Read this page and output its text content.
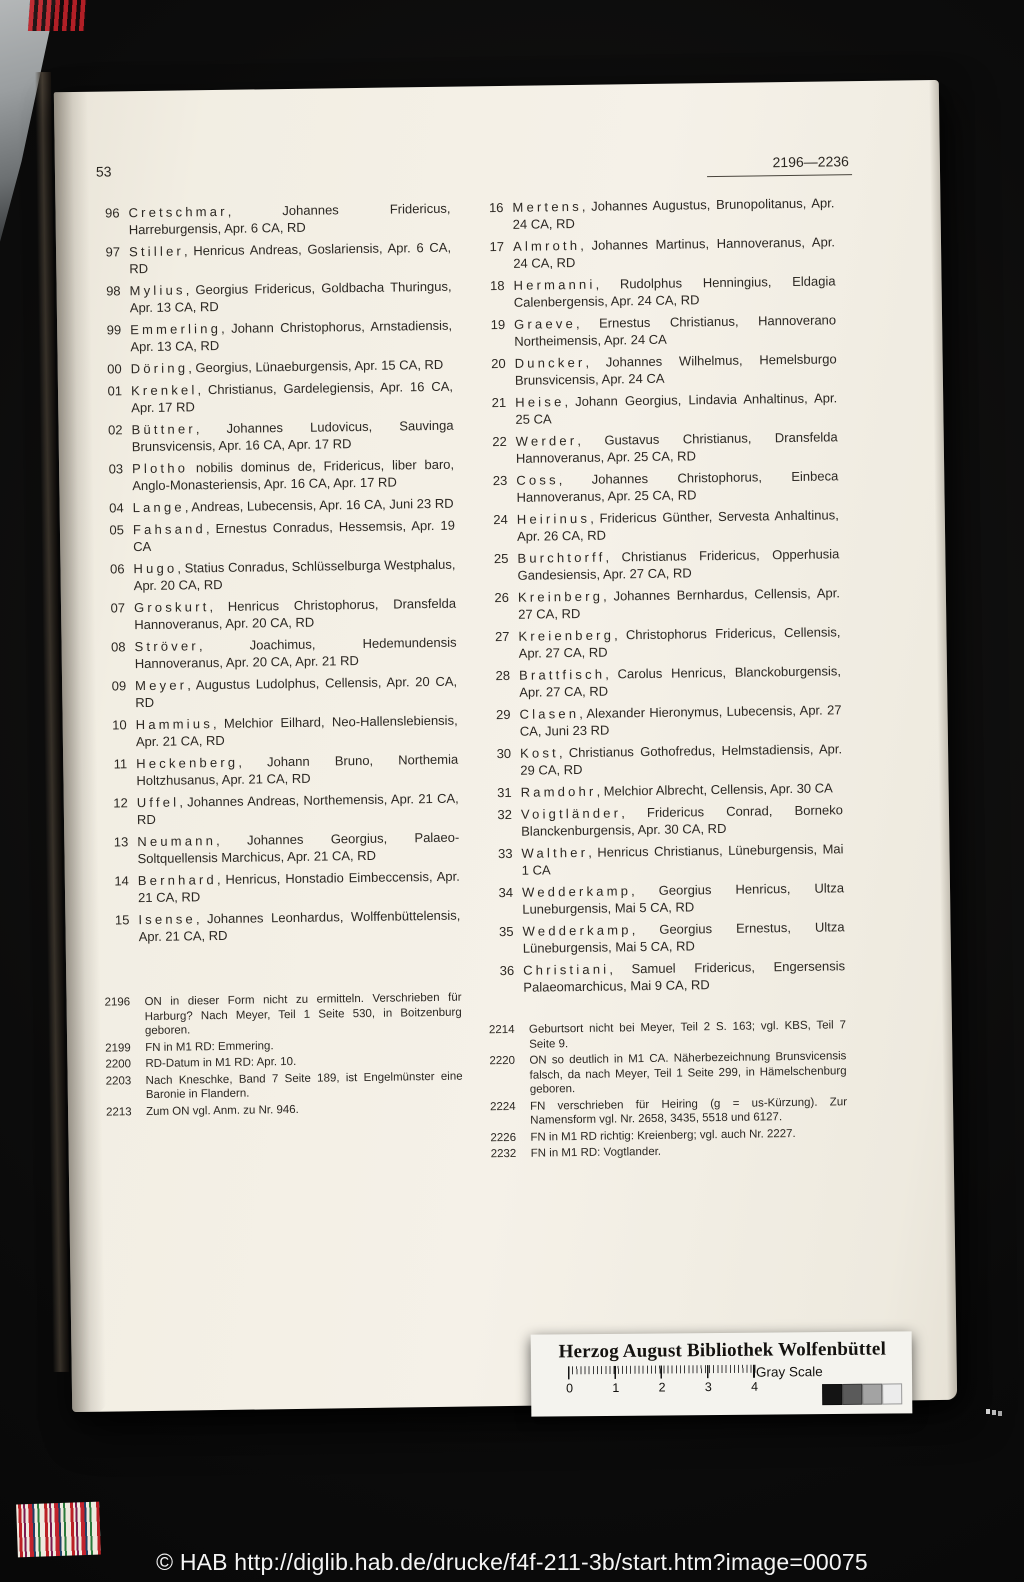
53
2196—2236
96 Cretschmar, Johannes Fridericus, Harreburgensis, Apr. 6 CA, RD
97 Stiller, Henricus Andreas, Goslariensis, Apr. 6 CA, RD
98 Mylius, Georgius Fridericus, Goldbacha Thuringus, Apr. 13 CA, RD
99 Emmerling, Johann Christophorus, Arnstadiensis, Apr. 13 CA, RD
00 Döring, Georgius, Lünaeburgensis, Apr. 15 CA, RD
01 Krenkel, Christianus, Gardelegiensis, Apr. 16 CA, Apr. 17 RD
02 Büttner, Johannes Ludovicus, Sauvinga Brunsvicensis, Apr. 16 CA, Apr. 17 RD
03 Plotho nobilis dominus de, Fridericus, liber baro, Anglo-Monasteriensis, Apr. 16 CA, Apr. 17 RD
04 Lange, Andreas, Lubecensis, Apr. 16 CA, Juni 23 RD
05 Fahsand, Ernestus Conradus, Hessemsis, Apr. 19 CA
06 Hugo, Statius Conradus, Schlüsselburga Westphalus, Apr. 20 CA, RD
07 Groskurt, Henricus Christophorus, Dransfelda Hannoveranus, Apr. 20 CA, RD
08 Ströver, Joachimus, Hedemundensis Hannoveranus, Apr. 20 CA, Apr. 21 RD
09 Meyer, Augustus Ludolphus, Cellensis, Apr. 20 CA, RD
10 Hammius, Melchior Eilhard, Neo-Hallenslebiensis, Apr. 21 CA, RD
11 Heckenberg, Johann Bruno, Northemia Holtzhusanus, Apr. 21 CA, RD
12 Uffel, Johannes Andreas, Northemensis, Apr. 21 CA, RD
13 Neumann, Johannes Georgius, Palaeo-Soltquellensis Marchicus, Apr. 21 CA, RD
14 Bernhard, Henricus, Honstadio Eimbeccensis, Apr. 21 CA, RD
15 Isense, Johannes Leonhardus, Wolffenbüttelensis, Apr. 21 CA, RD
2196	ON in dieser Form nicht zu ermitteln. Verschrieben für Harburg? Nach Meyer, Teil 1 Seite 530, in Boitzenburg geboren.
2199	FN in M1 RD: Emmering.
2200	RD-Datum in M1 RD: Apr. 10.
2203	Nach Kneschke, Band 7 Seite 189, ist Engelmünster eine Baronie in Flandern.
2213	Zum ON vgl. Anm. zu Nr. 946.
16 Mertens, Johannes Augustus, Brunopolitanus, Apr. 24 CA, RD
17 Almroth, Johannes Martinus, Hannoveranus, Apr. 24 CA, RD
18 Hermanni, Rudolphus Henningius, Eldagia Calenbergensis, Apr. 24 CA, RD
19 Graeve, Ernestus Christianus, Hannoverano Northeimensis, Apr. 24 CA
20 Duncker, Johannes Wilhelmus, Hemelsburgo Brunsvicensis, Apr. 24 CA
21 Heise, Johann Georgius, Lindavia Anhaltinus, Apr. 25 CA
22 Werder, Gustavus Christianus, Dransfelda Hannoveranus, Apr. 25 CA, RD
23 Coss, Johannes Christophorus, Einbeca Hannoveranus, Apr. 25 CA, RD
24 Heirinus, Fridericus Günther, Servesta Anhaltinus, Apr. 26 CA, RD
25 Burchtorff, Christianus Fridericus, Opperhusia Gandesiensis, Apr. 27 CA, RD
26 Kreinberg, Johannes Bernhardus, Cellensis, Apr. 27 CA, RD
27 Kreienberg, Christophorus Fridericus, Cellensis, Apr. 27 CA, RD
28 Brattfisch, Carolus Henricus, Blanckoburgensis, Apr. 27 CA, RD
29 Clasen, Alexander Hieronymus, Lubecensis, Apr. 27 CA, Juni 23 RD
30 Kost, Christianus Gothofredus, Helmstadiensis, Apr. 29 CA, RD
31 Ramdohr, Melchior Albrecht, Cellensis, Apr. 30 CA
32 Voigtländer, Fridericus Conrad, Borneko Blanckenburgensis, Apr. 30 CA, RD
33 Walther, Henricus Christianus, Lüneburgensis, Mai 1 CA
34 Wedderkamp, Georgius Henricus, Ultza Luneburgensis, Mai 5 CA, RD
35 Wedderkamp, Georgius Ernestus, Ultza Lüneburgensis, Mai 5 CA, RD
36 Christiani, Samuel Fridericus, Engersensis Palaeomarchicus, Mai 9 CA, RD
2214	Geburtsort nicht bei Meyer, Teil 2 S. 163; vgl. KBS, Teil 7 Seite 9.
2220	ON so deutlich in M1 CA. Näherbezeichnung Brunsvicensis falsch, da nach Meyer, Teil 1 Seite 299, in Hämelschenburg geboren.
2224	FN verschrieben für Heiring (g = us-Kürzung). Zur Namensform vgl. Nr. 2658, 3435, 5518 und 6127.
2226	FN in M1 RD richtig: Kreienberg; vgl. auch Nr. 2227.
2232	FN in M1 RD: Vogtlander.
Herzog August Bibliothek Wolfenbüttel
0	1	2	3	4
Gray Scale
© HAB http://diglib.hab.de/drucke/f4f-211-3b/start.htm?image=00075
